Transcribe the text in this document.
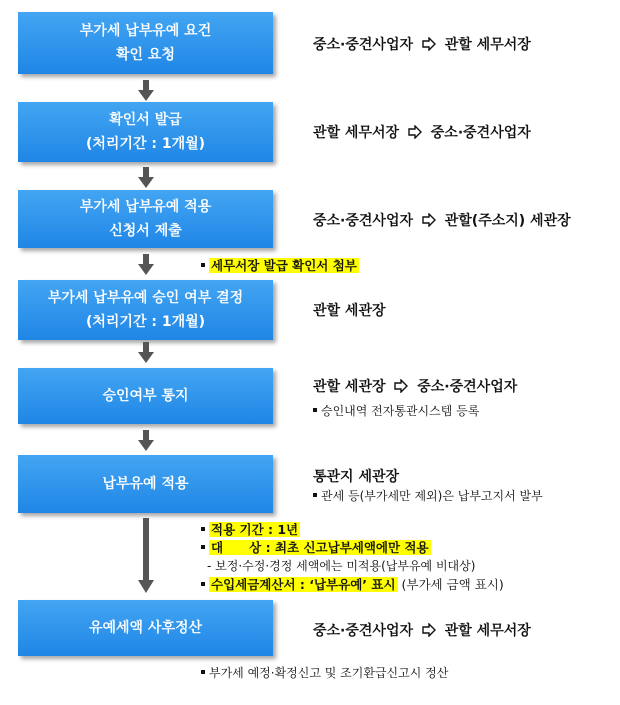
부가세 납부유예 요건
확인 요청
중소·중견사업자 관할 세무서장
확인서 발급
(처리기간 : 1개월)
관할 세무서장 중소·중견사업자
부가세 납부유예 적용
신청서 제출
중소·중견사업자 관할(주소지) 세관장
세무서장 발급 확인서 첨부
부가세 납부유예 승인 여부 결정
(처리기간 : 1개월)
관할 세관장
승인여부 통지
관할 세관장 중소·중견사업자
승인내역 전자통관시스템 등록
납부유예 적용	통관지 세관장
관세 등(부가세만 제외)은 납부고지서 발부
적용 기간 : 1년
대      상 : 최초 신고납부세액에만 적용
- 보정·수정·경정 세액에는 미적용(납부유예 비대상)
수입세금계산서 : ‘납부유예’ 표시 (부가세 금액 표시)
유예세액 사후정산	중소·중견사업자 관할 세무서장
부가세 예정·확정신고 및 조기환급신고시 정산
